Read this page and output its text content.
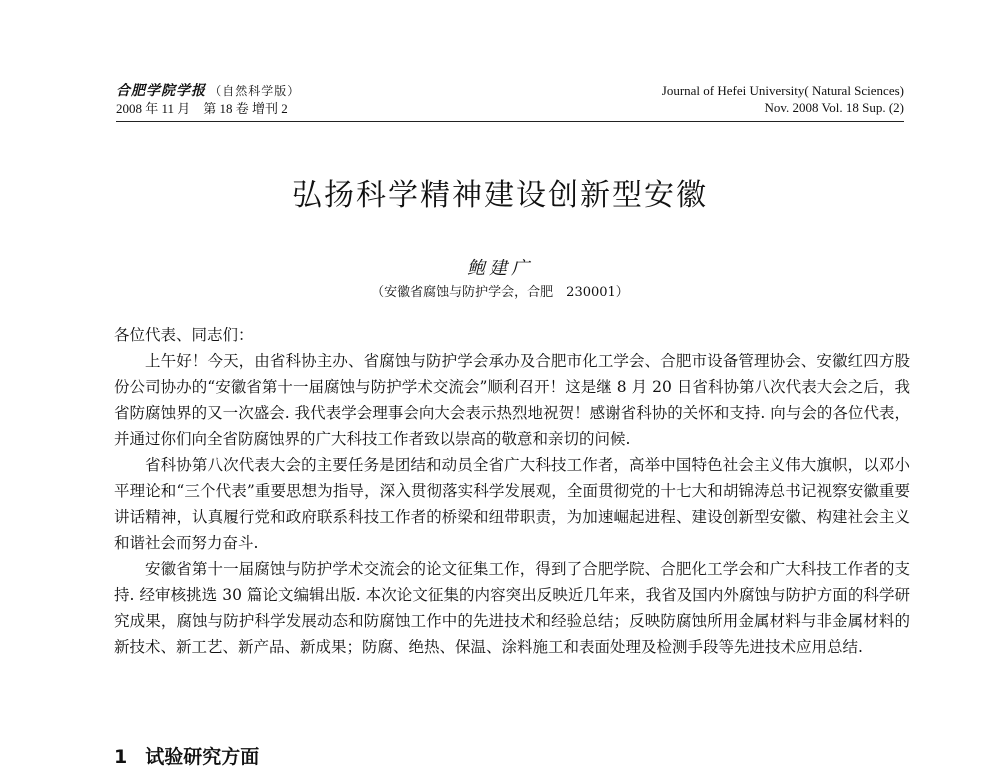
合肥学院学报 （自然科学版）
2008 年 11 月　第 18 卷 增刊 2
Journal of Hefei University( Natural Sciences)
Nov. 2008 Vol. 18 Sup. (2)
弘扬科学精神建设创新型安徽
鲍建广
（安徽省腐蚀与防护学会，合肥　230001）

各位代表、同志们：

上午好！今天，由省科协主办、省腐蚀与防护学会承办及合肥市化工学会、合肥市设备管理协会、安徽红四方股份公司协办的“安徽省第十一届腐蚀与防护学术交流会”顺利召开！这是继 8 月 20 日省科协第八次代表大会之后，我省防腐蚀界的又一次盛会. 我代表学会理事会向大会表示热烈地祝贺！感谢省科协的关怀和支持. 向与会的各位代表，并通过你们向全省防腐蚀界的广大科技工作者致以崇高的敬意和亲切的问候.

省科协第八次代表大会的主要任务是团结和动员全省广大科技工作者，高举中国特色社会主义伟大旗帜，以邓小平理论和“三个代表”重要思想为指导，深入贯彻落实科学发展观，全面贯彻党的十七大和胡锦涛总书记视察安徽重要讲话精神，认真履行党和政府联系科技工作者的桥梁和纽带职责，为加速崛起进程、建设创新型安徽、构建社会主义和谐社会而努力奋斗.

安徽省第十一届腐蚀与防护学术交流会的论文征集工作，得到了合肥学院、合肥化工学会和广大科技工作者的支持. 经审核挑选 30 篇论文编辑出版. 本次论文征集的内容突出反映近几年来，我省及国内外腐蚀与防护方面的科学研究成果，腐蚀与防护科学发展动态和防腐蚀工作中的先进技术和经验总结；反映防腐蚀所用金属材料与非金属材料的新技术、新工艺、新产品、新成果；防腐、绝热、保温、涂料施工和表面处理及检测手段等先进技术应用总结.

1 试验研究方面
